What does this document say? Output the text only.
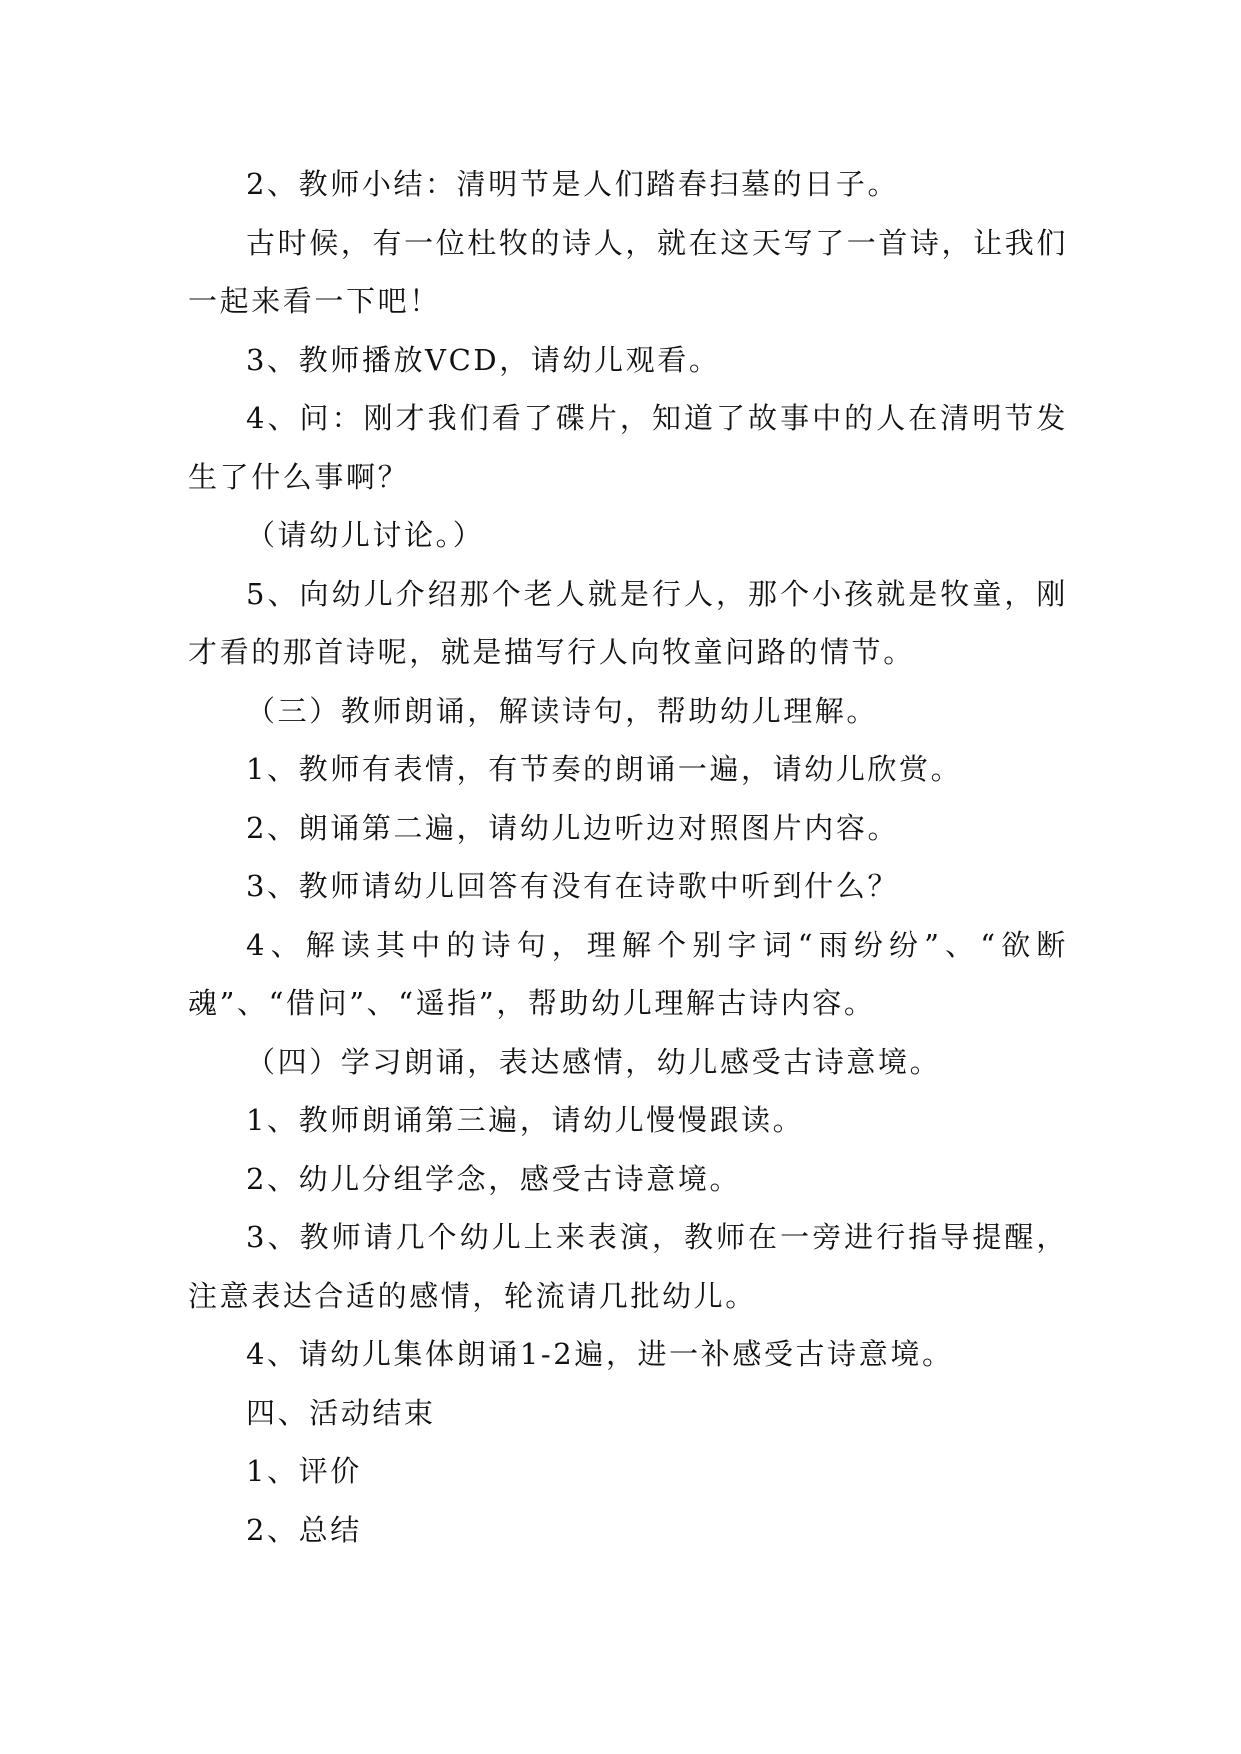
2、教师小结：清明节是人们踏春扫墓的日子。

古时候，有一位杜牧的诗人，就在这天写了一首诗，让我们一起来看一下吧！

3、教师播放VCD，请幼儿观看。

4、问：刚才我们看了碟片，知道了故事中的人在清明节发生了什么事啊？

（请幼儿讨论。）

5、向幼儿介绍那个老人就是行人，那个小孩就是牧童，刚才看的那首诗呢，就是描写行人向牧童问路的情节。

（三）教师朗诵，解读诗句，帮助幼儿理解。

1、教师有表情，有节奏的朗诵一遍，请幼儿欣赏。

2、朗诵第二遍，请幼儿边听边对照图片内容。

3、教师请幼儿回答有没有在诗歌中听到什么？

4、解读其中的诗句，理解个别字词“雨纷纷”、“欲断魂”、“借问”、“遥指”，帮助幼儿理解古诗内容。

（四）学习朗诵，表达感情，幼儿感受古诗意境。

1、教师朗诵第三遍，请幼儿慢慢跟读。

2、幼儿分组学念，感受古诗意境。

3、教师请几个幼儿上来表演，教师在一旁进行指导提醒，注意表达合适的感情，轮流请几批幼儿。

4、请幼儿集体朗诵1-2遍，进一补感受古诗意境。

四、活动结束

1、评价

2、总结
